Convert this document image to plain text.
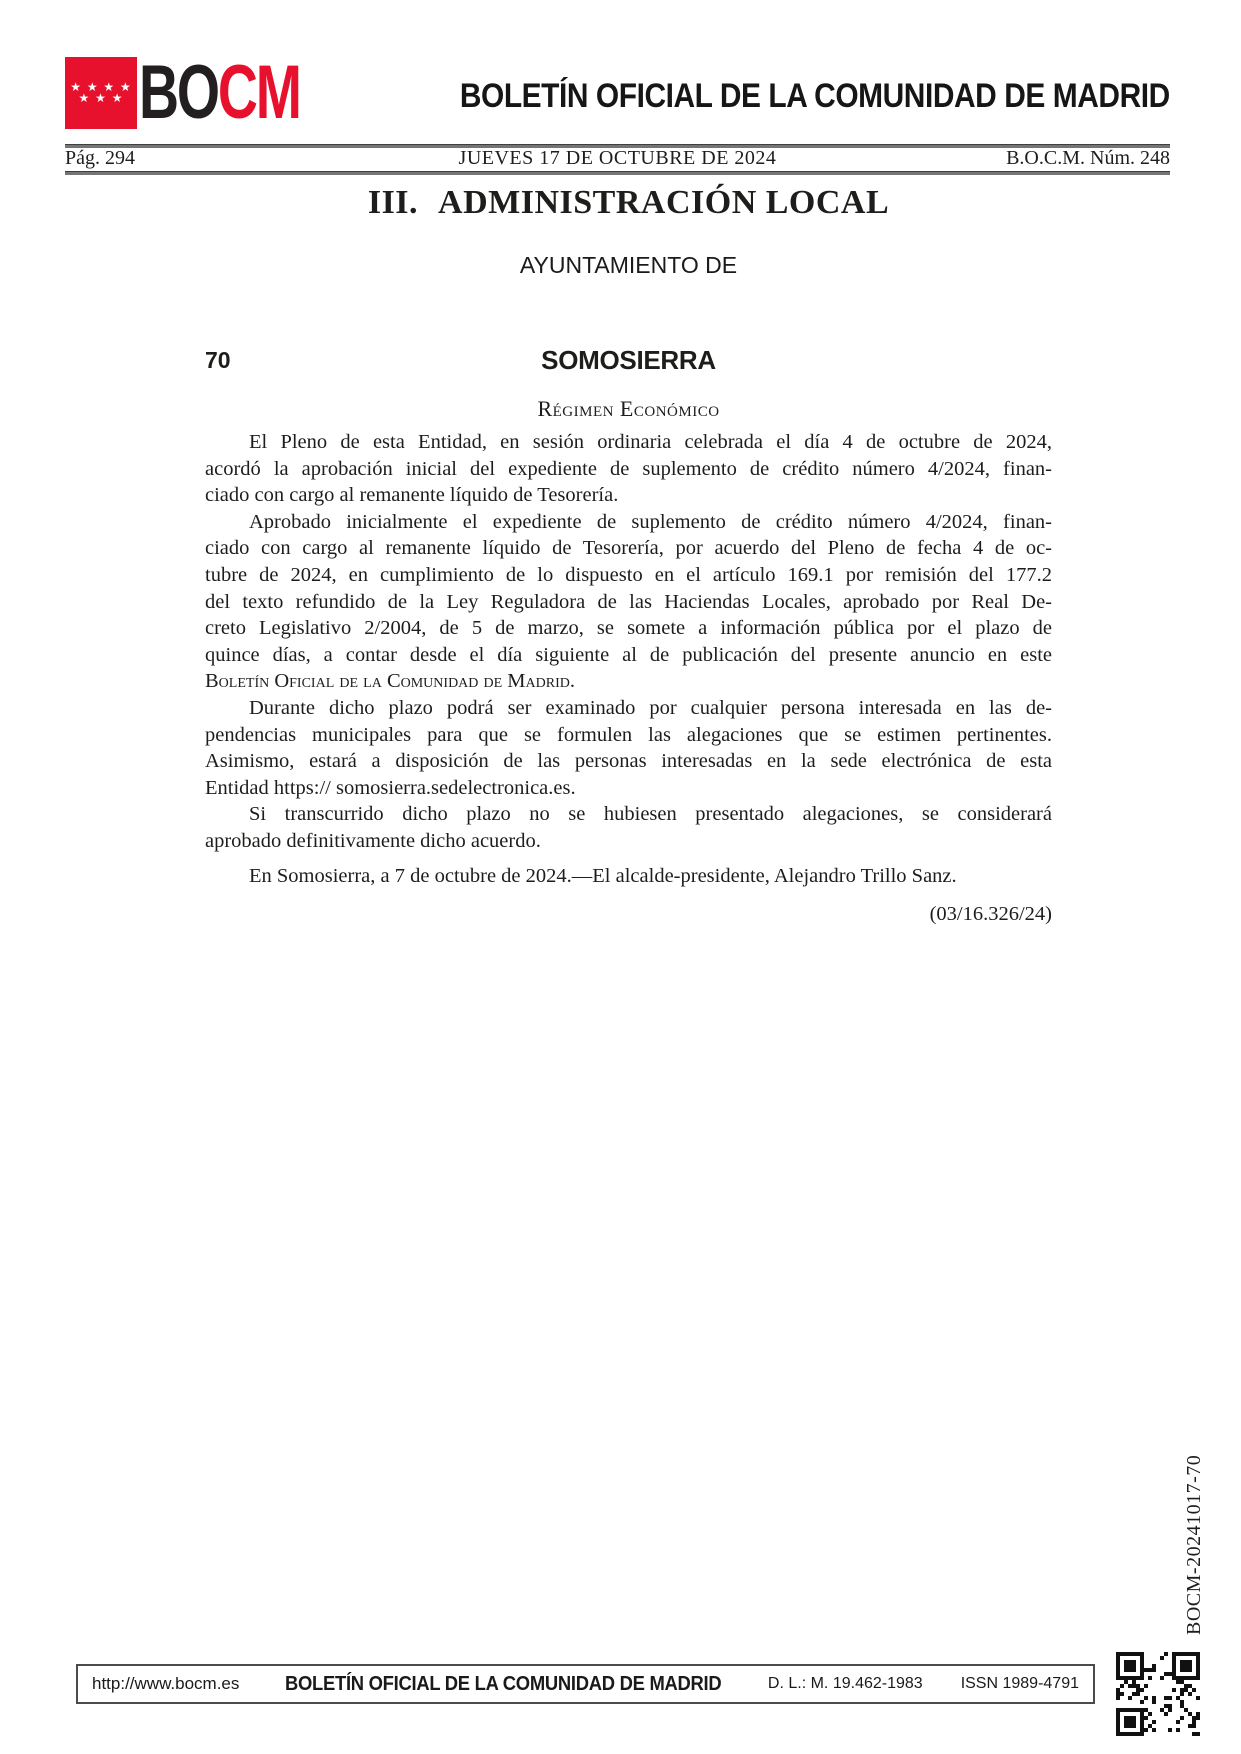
★ ★ ★ ★
★ ★ ★ BOCM	BOLETÍN OFICIAL DE LA COMUNIDAD DE MADRID
Pág. 294	JUEVES 17 DE OCTUBRE DE 2024	B.O.C.M. Núm. 248
III. ADMINISTRACIÓN LOCAL
AYUNTAMIENTO DE
70	SOMOSIERRA
Régimen Económico
El Pleno de esta Entidad, en sesión ordinaria celebrada el día 4 de octubre de 2024,
acordó la aprobación inicial del expediente de suplemento de crédito número 4/2024, finan-
ciado con cargo al remanente líquido de Tesorería.
Aprobado inicialmente el expediente de suplemento de crédito número 4/2024, finan-
ciado con cargo al remanente líquido de Tesorería, por acuerdo del Pleno de fecha 4 de oc-
tubre de 2024, en cumplimiento de lo dispuesto en el artículo 169.1 por remisión del 177.2
del texto refundido de la Ley Reguladora de las Haciendas Locales, aprobado por Real De-
creto Legislativo 2/2004, de 5 de marzo, se somete a información pública por el plazo de
quince días, a contar desde el día siguiente al de publicación del presente anuncio en este
Boletín Oficial de la Comunidad de Madrid.
Durante dicho plazo podrá ser examinado por cualquier persona interesada en las de-
pendencias municipales para que se formulen las alegaciones que se estimen pertinentes.
Asimismo, estará a disposición de las personas interesadas en la sede electrónica de esta
Entidad https:// somosierra.sedelectronica.es.
Si transcurrido dicho plazo no se hubiesen presentado alegaciones, se considerará
aprobado definitivamente dicho acuerdo.
En Somosierra, a 7 de octubre de 2024.—El alcalde-presidente, Alejandro Trillo Sanz.
(03/16.326/24)
BOCM-20241017-70
http://www.bocm.es BOLETÍN OFICIAL DE LA COMUNIDAD DE MADRID	D. L.: M. 19.462-1983 ISSN 1989-4791
